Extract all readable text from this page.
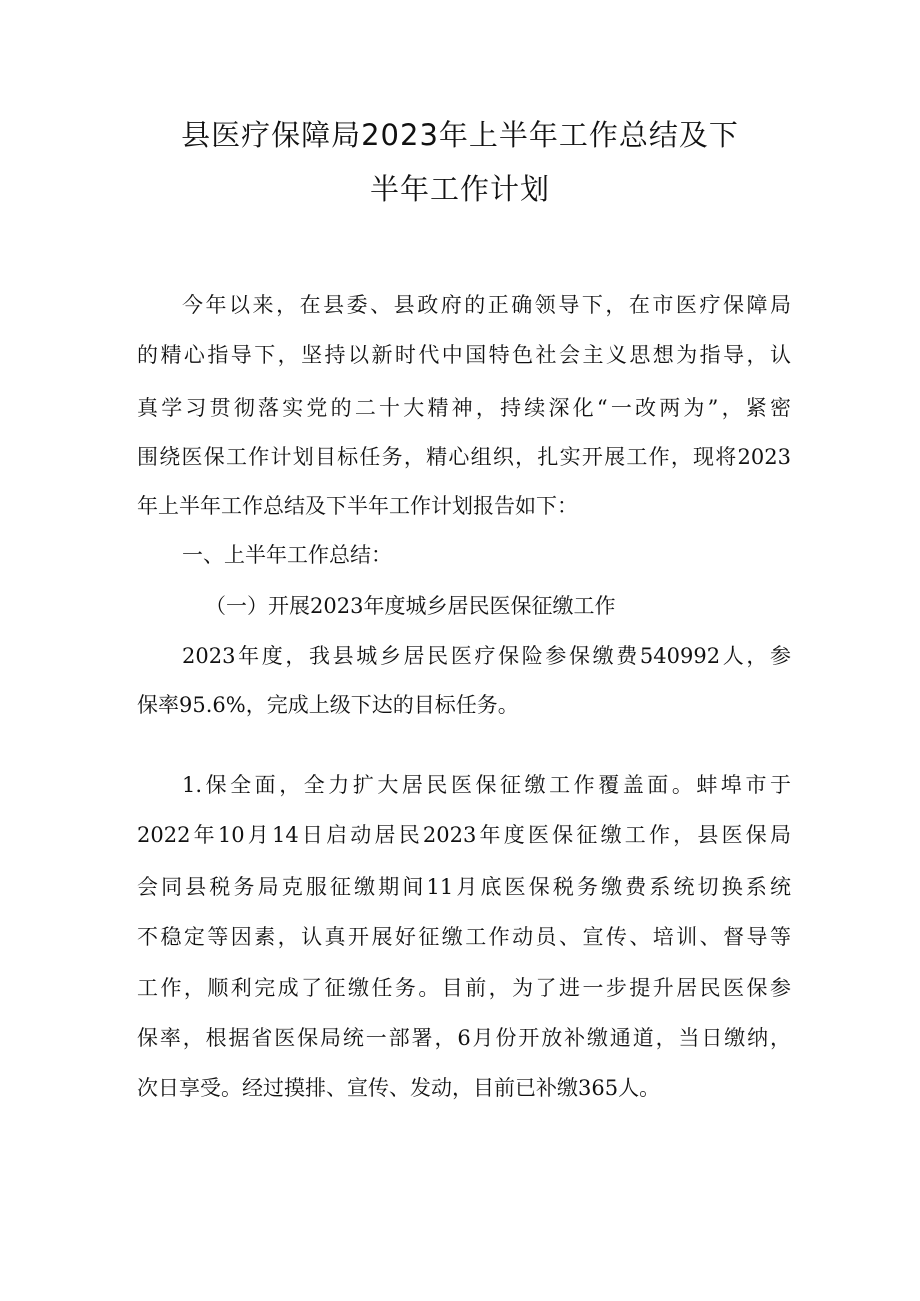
县医疗保障局2023年上半年工作总结及下
半年工作计划
今年以来，在县委、县政府的正确领导下，在市医疗保障局
的精心指导下，坚持以新时代中国特色社会主义思想为指导，认
真学习贯彻落实党的二十大精神，持续深化“一改两为”，紧密
围绕医保工作计划目标任务，精心组织，扎实开展工作，现将2023
年上半年工作总结及下半年工作计划报告如下：
一、上半年工作总结：
（一）开展2023年度城乡居民医保征缴工作
2023年度，我县城乡居民医疗保险参保缴费540992人，参
保率95.6%，完成上级下达的目标任务。
1.保全面，全力扩大居民医保征缴工作覆盖面。蚌埠市于
2022年10月14日启动居民2023年度医保征缴工作，县医保局
会同县税务局克服征缴期间11月底医保税务缴费系统切换系统
不稳定等因素，认真开展好征缴工作动员、宣传、培训、督导等
工作，顺利完成了征缴任务。目前，为了进一步提升居民医保参
保率，根据省医保局统一部署，6月份开放补缴通道，当日缴纳，
次日享受。经过摸排、宣传、发动，目前已补缴365人。
